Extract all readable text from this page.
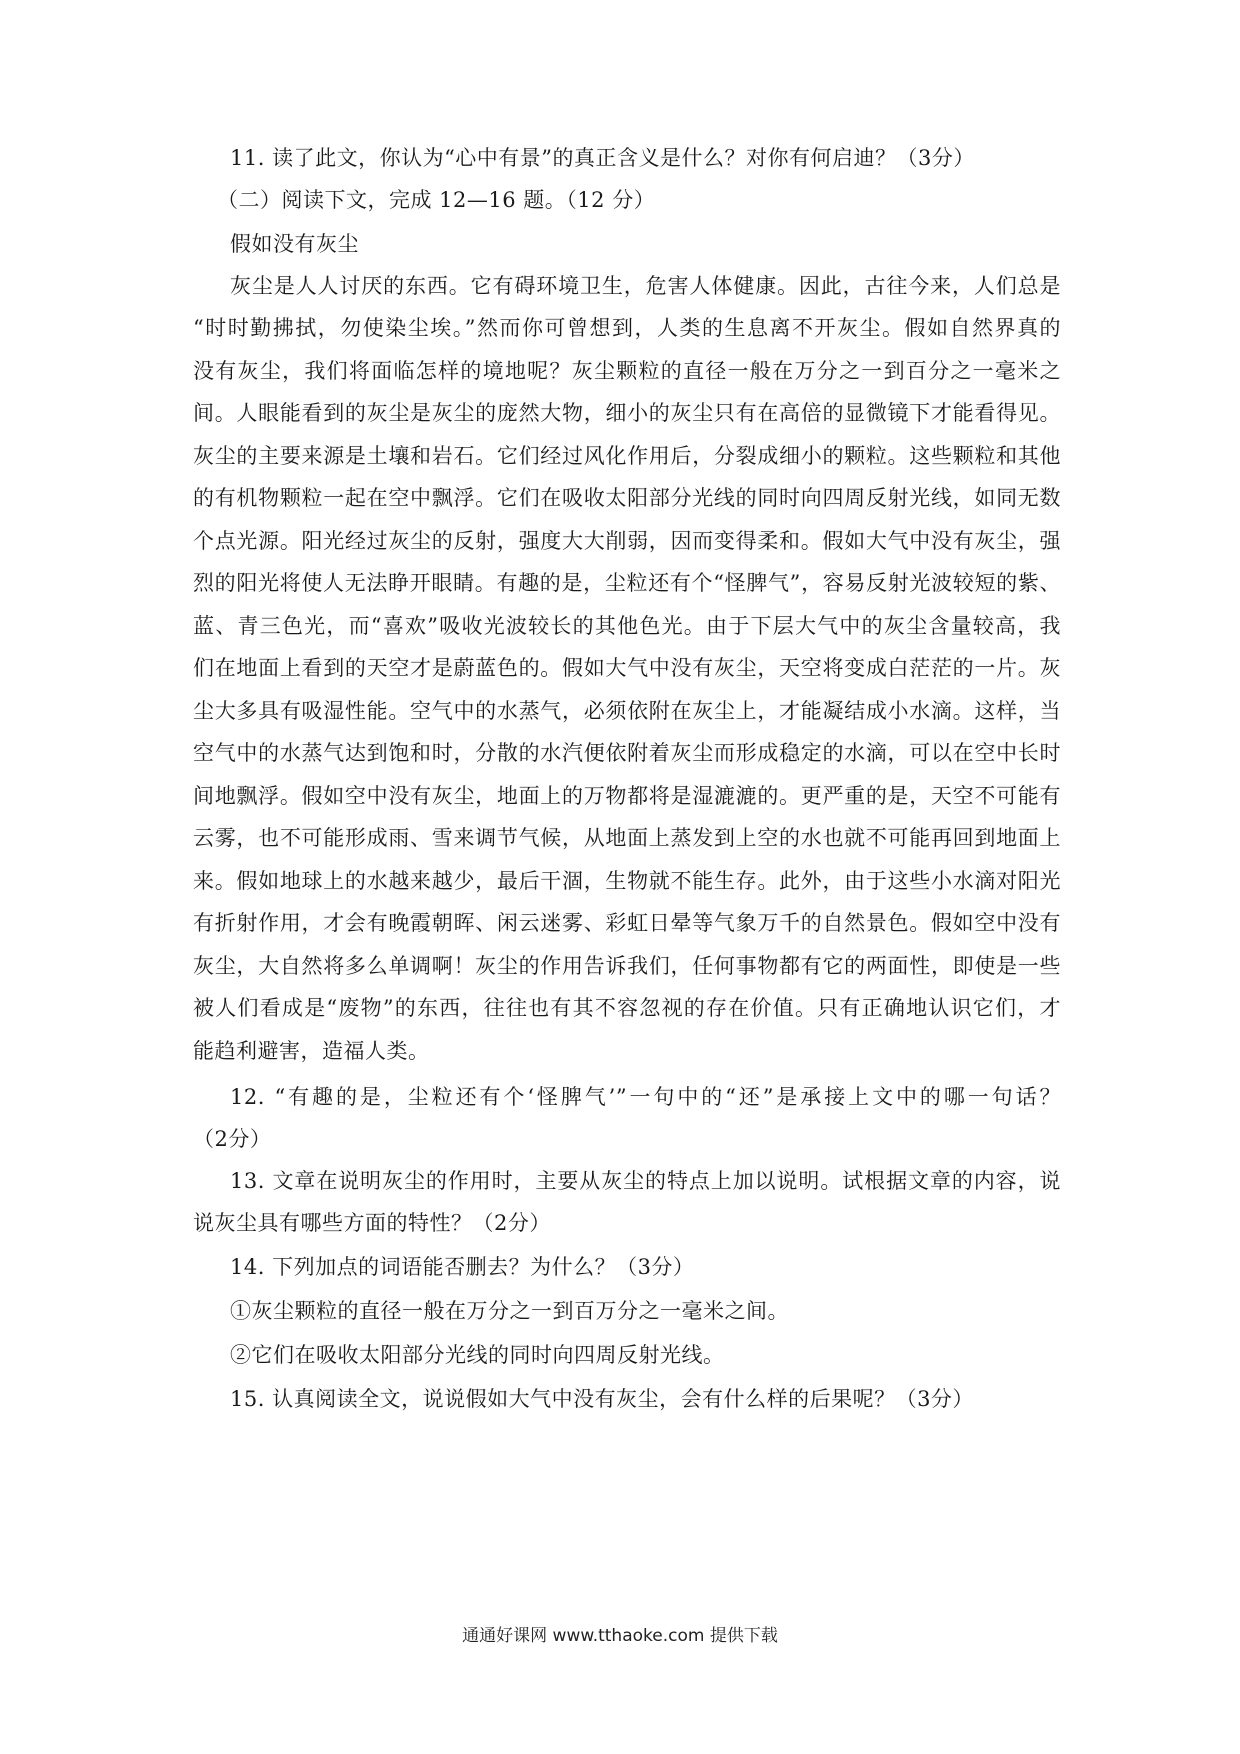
11. 读了此文，你认为“心中有景”的真正含义是什么？对你有何启迪？（3分）
（二）阅读下文，完成 12—16 题。（12 分）
假如没有灰尘
灰尘是人人讨厌的东西。它有碍环境卫生，危害人体健康。因此，古往今来，人们总是
“时时勤拂拭，勿使染尘埃。”然而你可曾想到，人类的生息离不开灰尘。假如自然界真的
没有灰尘，我们将面临怎样的境地呢？灰尘颗粒的直径一般在万分之一到百分之一毫米之
间。人眼能看到的灰尘是灰尘的庞然大物，细小的灰尘只有在高倍的显微镜下才能看得见。
灰尘的主要来源是土壤和岩石。它们经过风化作用后，分裂成细小的颗粒。这些颗粒和其他
的有机物颗粒一起在空中飘浮。它们在吸收太阳部分光线的同时向四周反射光线，如同无数
个点光源。阳光经过灰尘的反射，强度大大削弱，因而变得柔和。假如大气中没有灰尘，强
烈的阳光将使人无法睁开眼睛。有趣的是，尘粒还有个“怪脾气”，容易反射光波较短的紫、
蓝、青三色光，而“喜欢”吸收光波较长的其他色光。由于下层大气中的灰尘含量较高，我
们在地面上看到的天空才是蔚蓝色的。假如大气中没有灰尘，天空将变成白茫茫的一片。灰
尘大多具有吸湿性能。空气中的水蒸气，必须依附在灰尘上，才能凝结成小水滴。这样，当
空气中的水蒸气达到饱和时，分散的水汽便依附着灰尘而形成稳定的水滴，可以在空中长时
间地飘浮。假如空中没有灰尘，地面上的万物都将是湿漉漉的。更严重的是，天空不可能有
云雾，也不可能形成雨、雪来调节气候，从地面上蒸发到上空的水也就不可能再回到地面上
来。假如地球上的水越来越少，最后干涸，生物就不能生存。此外，由于这些小水滴对阳光
有折射作用，才会有晚霞朝晖、闲云迷雾、彩虹日晕等气象万千的自然景色。假如空中没有
灰尘，大自然将多么单调啊！灰尘的作用告诉我们，任何事物都有它的两面性，即使是一些
被人们看成是“废物”的东西，往往也有其不容忽视的存在价值。只有正确地认识它们，才
能趋利避害，造福人类。
12. “有趣的是，尘粒还有个‘怪脾气’”一句中的“还”是承接上文中的哪一句话？
（2分）
13. 文章在说明灰尘的作用时，主要从灰尘的特点上加以说明。试根据文章的内容，说
说灰尘具有哪些方面的特性？（2分）
14. 下列加点的词语能否删去？为什么？（3分）
①灰尘颗粒的直径一般在万分之一到百万分之一毫米之间。
②它们在吸收太阳部分光线的同时向四周反射光线。
15. 认真阅读全文，说说假如大气中没有灰尘，会有什么样的后果呢？（3分）
通通好课网 www.tthaoke.com 提供下载
